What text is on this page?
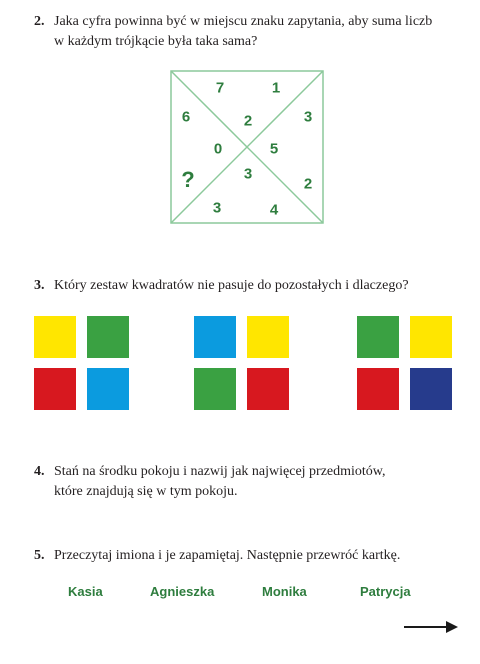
2. Jaka cyfra powinna być w miejscu znaku zapytania, aby suma liczb
w każdym trójkącie była taka sama?
7	1
2
6
0
?
3
5
2
3
3	4
3. Który zestaw kwadratów nie pasuje do pozostałych i dlaczego?
4. Stań na środku pokoju i nazwij jak najwięcej przedmiotów,
które znajdują się w tym pokoju.
5. Przeczytaj imiona i je zapamiętaj. Następnie przewróć kartkę.
Kasia	Agnieszka	Monika	Patrycja
